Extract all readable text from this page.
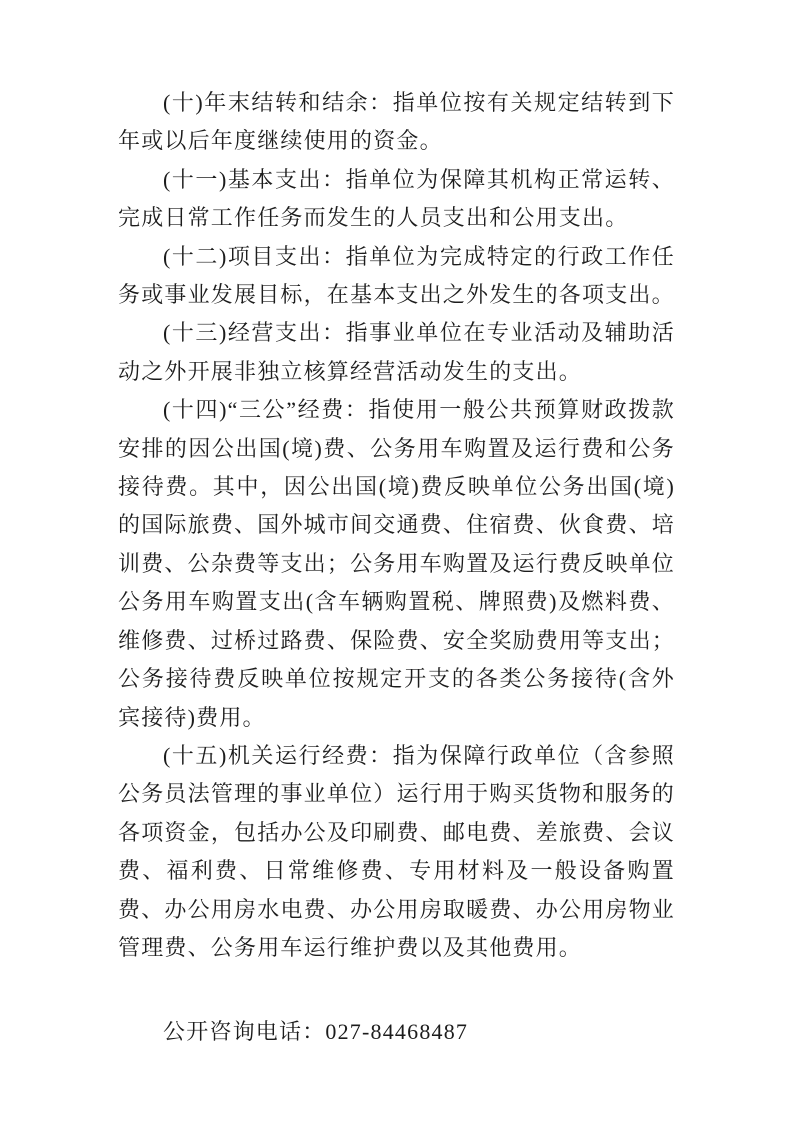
(十)年末结转和结余：指单位按有关规定结转到下年或以后年度继续使用的资金。

(十一)基本支出：指单位为保障其机构正常运转、完成日常工作任务而发生的人员支出和公用支出。

(十二)项目支出：指单位为完成特定的行政工作任务或事业发展目标，在基本支出之外发生的各项支出。

(十三)经营支出：指事业单位在专业活动及辅助活动之外开展非独立核算经营活动发生的支出。

(十四)“三公”经费：指使用一般公共预算财政拨款安排的因公出国(境)费、公务用车购置及运行费和公务接待费。其中，因公出国(境)费反映单位公务出国(境)的国际旅费、国外城市间交通费、住宿费、伙食费、培训费、公杂费等支出；公务用车购置及运行费反映单位公务用车购置支出(含车辆购置税、牌照费)及燃料费、维修费、过桥过路费、保险费、安全奖励费用等支出；公务接待费反映单位按规定开支的各类公务接待(含外宾接待)费用。

(十五)机关运行经费：指为保障行政单位（含参照公务员法管理的事业单位）运行用于购买货物和服务的各项资金，包括办公及印刷费、邮电费、差旅费、会议费、福利费、日常维修费、专用材料及一般设备购置费、办公用房水电费、办公用房取暖费、办公用房物业管理费、公务用车运行维护费以及其他费用。

公开咨询电话：027-84468487
